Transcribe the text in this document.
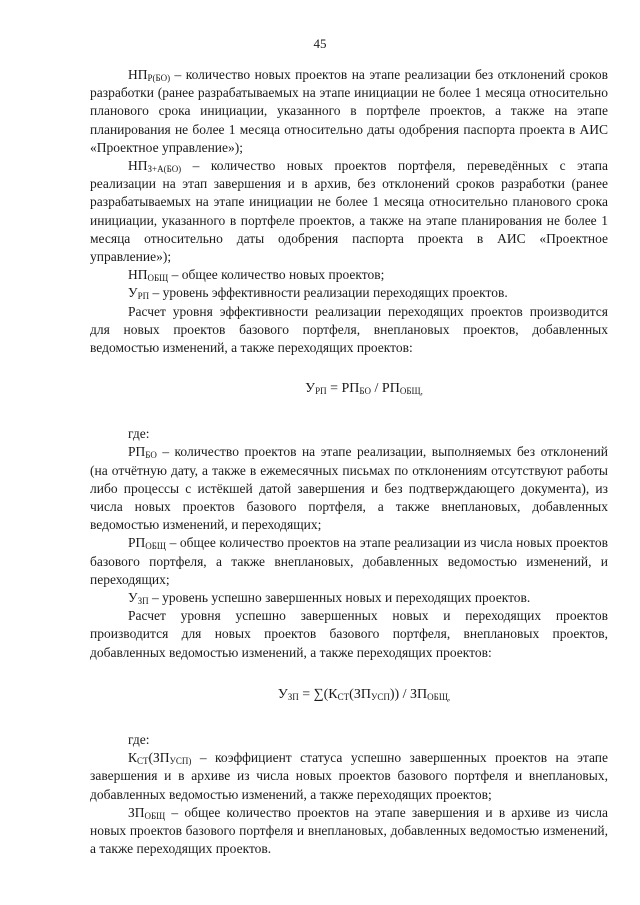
45

$НП_{Р(БО)}$ – количество новых проектов на этапе реализации без отклонений сроков разработки (ранее разрабатываемых на этапе инициации не более 1 месяца относительно планового срока инициации, указанного в портфеле проектов, а также на этапе планирования не более 1 месяца относительно даты одобрения паспорта проекта в АИС «Проектное управление»);

$НП_{З+А(БО)}$ – количество новых проектов портфеля, переведённых с этапа реализации на этап завершения и в архив, без отклонений сроков разработки (ранее разрабатываемых на этапе инициации не более 1 месяца относительно планового срока инициации, указанного в портфеле проектов, а также на этапе планирования не более 1 месяца относительно даты одобрения паспорта проекта в АИС «Проектное управление»);

$НП_{ОБЩ}$ – общее количество новых проектов;

$У_{РП}$ – уровень эффективности реализации переходящих проектов.

Расчет уровня эффективности реализации переходящих проектов производится для новых проектов базового портфеля, внеплановых проектов, добавленных ведомостью изменений, а также переходящих проектов:

$У_{РП} = РП_{БО} / РП_{ОБЩ,}$

где:

$РП_{БО}$ – количество проектов на этапе реализации, выполняемых без отклонений (на отчётную дату, а также в ежемесячных письмах по отклонениям отсутствуют работы либо процессы с истёкшей датой завершения и без подтверждающего документа), из числа новых проектов базового портфеля, а также внеплановых, добавленных ведомостью изменений, и переходящих;

$РП_{ОБЩ}$ – общее количество проектов на этапе реализации из числа новых проектов базового портфеля, а также внеплановых, добавленных ведомостью изменений, и переходящих;

$У_{ЗП}$ – уровень успешно завершенных новых и переходящих проектов.

Расчет уровня успешно завершенных новых и переходящих проектов производится для новых проектов базового портфеля, внеплановых проектов, добавленных ведомостью изменений, а также переходящих проектов:

$У_{ЗП} = \sum(К_{СТ}(ЗП_{УСП})) / ЗП_{ОБЩ,}$

где:

$К_{СТ}(ЗП_{УСП)}$ – коэффициент статуса успешно завершенных проектов на этапе завершения и в архиве из числа новых проектов базового портфеля и внеплановых, добавленных ведомостью изменений, а также переходящих проектов;

$ЗП_{ОБЩ}$ – общее количество проектов на этапе завершения и в архиве из числа новых проектов базового портфеля и внеплановых, добавленных ведомостью изменений, а также переходящих проектов.
